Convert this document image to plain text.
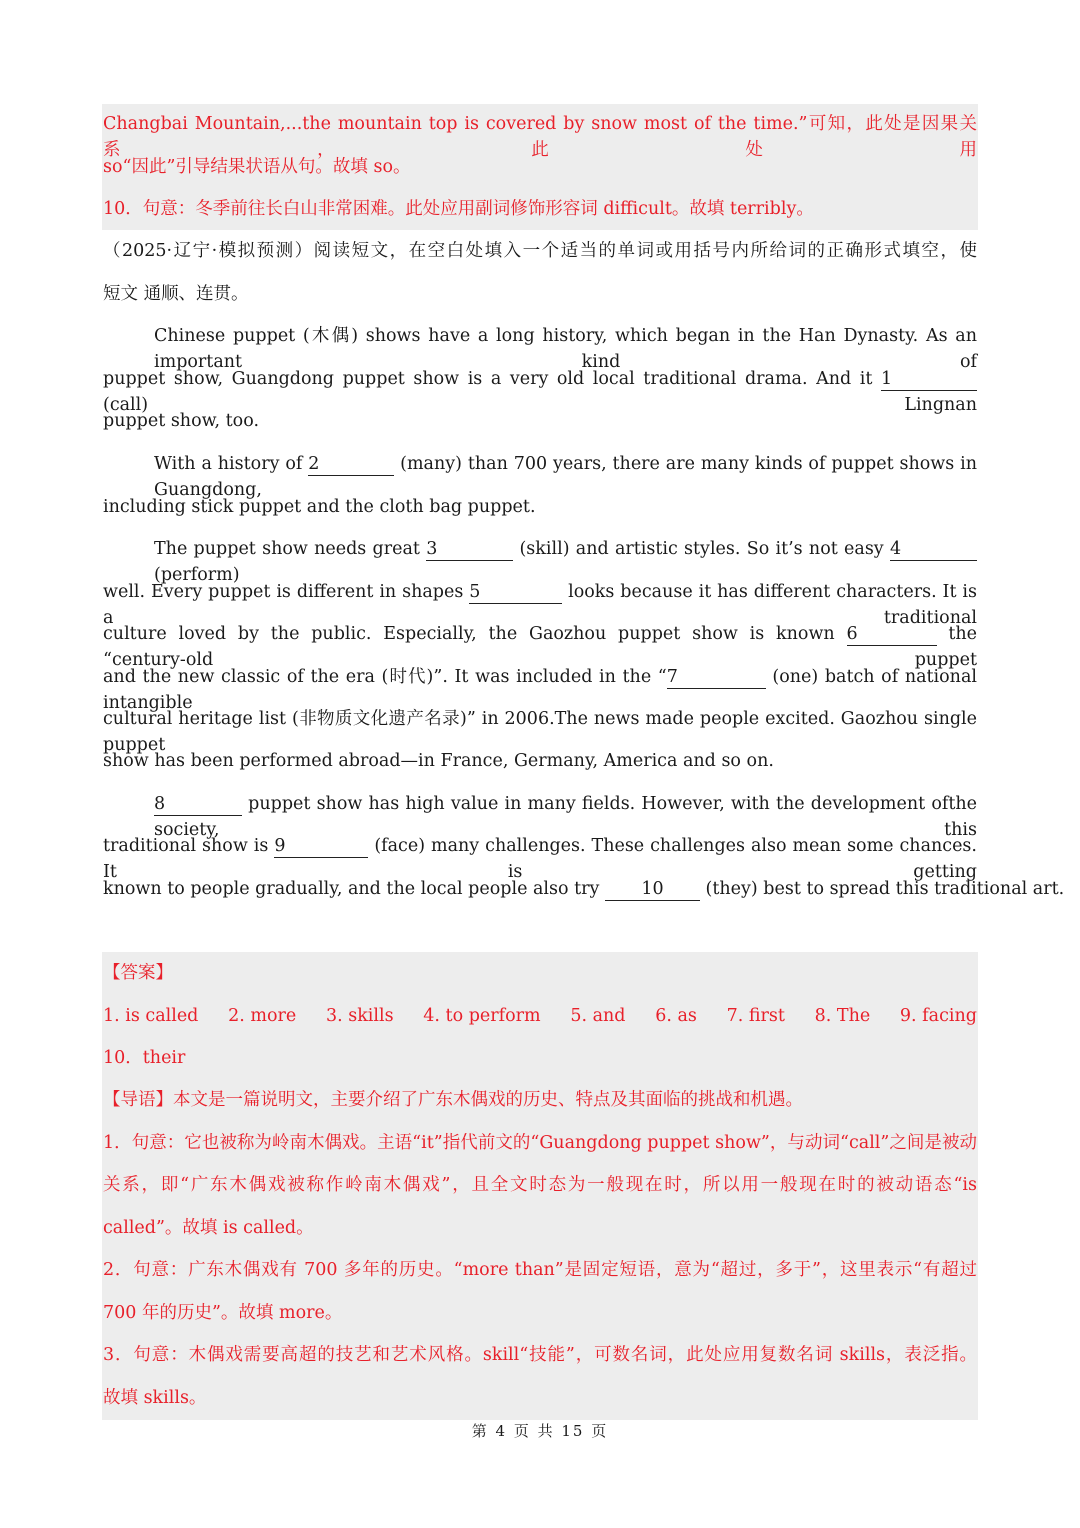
Changbai Mountain,...the mountain top is covered by snow most of the time.”可知，此处是因果关系，此处用
so“因此”引导结果状语从句。故填 so。
10．句意：冬季前往长白山非常困难。此处应用副词修饰形容词 difficult。故填 terribly。
（2025·辽宁·模拟预测）阅读短文，在空白处填入一个适当的单词或用括号内所给词的正确形式填空，使
短文 通顺、连贯。
Chinese puppet (木偶) shows have a long history, which began in the Han Dynasty. As an important kind of
puppet show, Guangdong puppet show is a very old local traditional drama. And it 1 (call) Lingnan
puppet show, too.
With a history of 2	(many) than 700 years, there are many kinds of puppet shows in Guangdong,
including stick puppet and the cloth bag puppet.
The puppet show needs great 3	(skill) and artistic styles. So it’s not easy 4 (perform)
well. Every puppet is different in shapes 5	looks because it has different characters. It is a traditional
culture loved by the public. Especially, the Gaozhou puppet show is known 6	the “century-old puppet
and the new classic of the era (时代)”. It was included in the “7	(one) batch of national intangible
cultural heritage list (非物质文化遗产名录)” in 2006.The news made people excited. Gaozhou single puppet
show has been performed abroad—in France, Germany, America and so on.
8	puppet show has high value in many fields. However, with the development ofthe society, this
traditional show is 9	(face) many challenges. These challenges also mean some chances. It is getting
known to people gradually, and the local people also try 10 (they) best to spread this traditional art.
【答案】
1. is called 2. more 3. skills 4. to perform 5. and 6. as 7. first 8. The 9. facing
10．their
【导语】本文是一篇说明文，主要介绍了广东木偶戏的历史、特点及其面临的挑战和机遇。
1．句意：它也被称为岭南木偶戏。主语“it”指代前文的“Guangdong puppet show”，与动词“call”之间是被动
关系，即“广东木偶戏被称作岭南木偶戏”，且全文时态为一般现在时，所以用一般现在时的被动语态“is
called”。故填 is called。
2．句意：广东木偶戏有 700 多年的历史。“more than”是固定短语，意为“超过，多于”，这里表示“有超过
700 年的历史”。故填 more。
3．句意：木偶戏需要高超的技艺和艺术风格。skill“技能”，可数名词，此处应用复数名词 skills，表泛指。
故填 skills。
第 4 页 共 15 页
